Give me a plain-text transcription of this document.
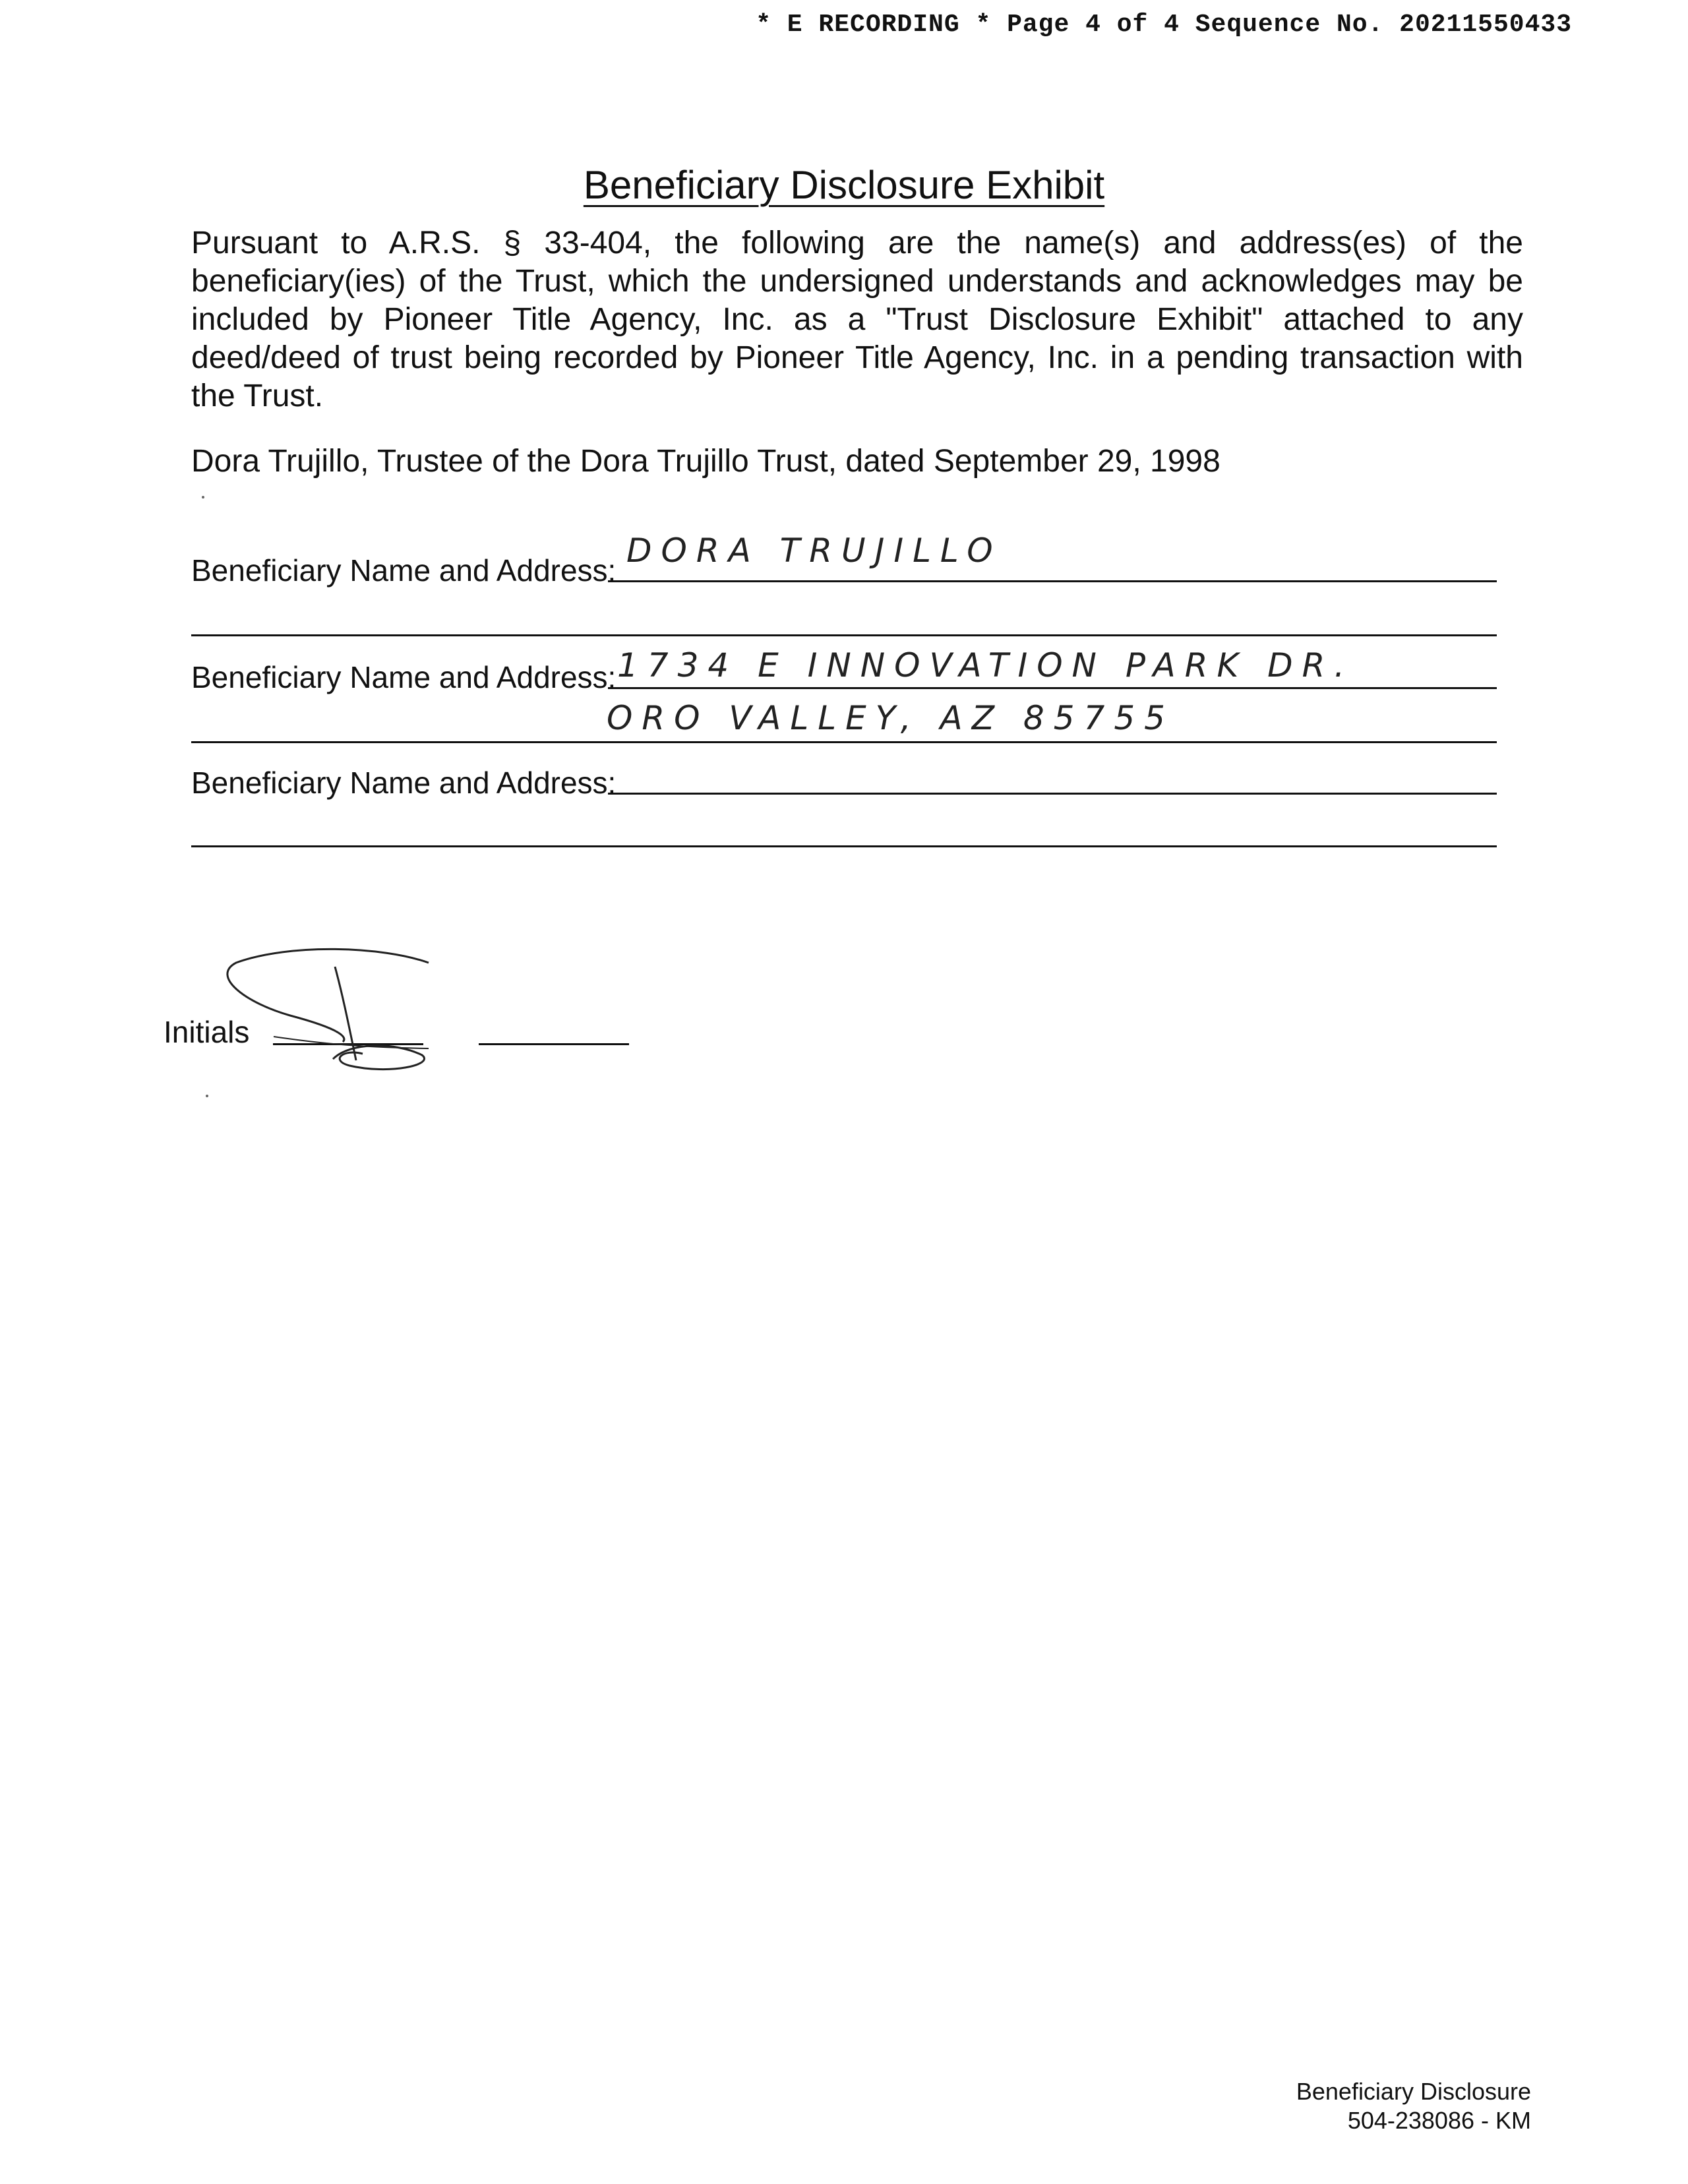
* E RECORDING * Page 4 of 4 Sequence No. 20211550433
Beneficiary Disclosure Exhibit
Pursuant to A.R.S. § 33-404, the following are the name(s) and address(es) of the beneficiary(ies) of the Trust, which the undersigned understands and acknowledges may be included by Pioneer Title Agency, Inc. as a "Trust Disclosure Exhibit" attached to any deed/deed of trust being recorded by Pioneer Title Agency, Inc. in a pending transaction with the Trust.
Dora Trujillo, Trustee of the Dora Trujillo Trust, dated September 29, 1998
Beneficiary Name and Address:
DORA TRUJILLO
Beneficiary Name and Address: 1734 E INNOVATION PARK DR.
ORO VALLEY, AZ 85755
Beneficiary Name and Address:
Initials
Beneficiary Disclosure
504-238086 - KM
